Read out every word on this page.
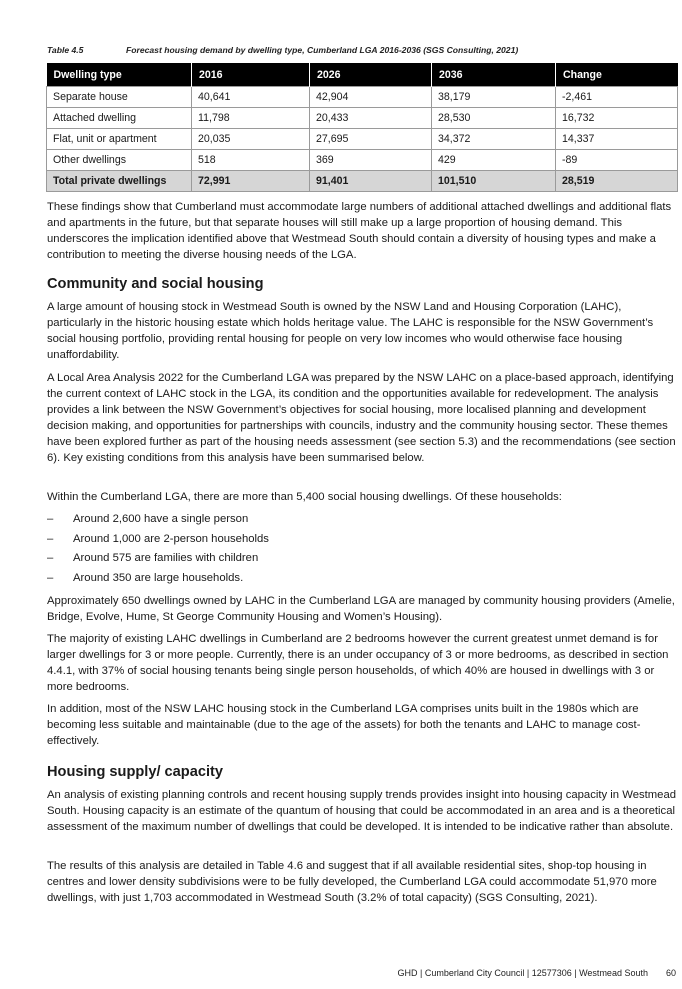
Table 4.5	Forecast housing demand by dwelling type, Cumberland LGA 2016-2036 (SGS Consulting, 2021)
Dwelling type	2016	2026	2036	Change
Separate house	40,641	42,904	38,179	-2,461
Attached dwelling	11,798	20,433	28,530	16,732
Flat, unit or apartment	20,035	27,695	34,372	14,337
Other dwellings	518	369	429	-89
Total private dwellings	72,991	91,401	101,510	28,519

These findings show that Cumberland must accommodate large numbers of additional attached dwellings and additional flats and apartments in the future, but that separate houses will still make up a large proportion of housing demand. This underscores the implication identified above that Westmead South should contain a diversity of housing types and make a contribution to meeting the diverse housing needs of the LGA.

Community and social housing

A large amount of housing stock in Westmead South is owned by the NSW Land and Housing Corporation (LAHC), particularly in the historic housing estate which holds heritage value. The LAHC is responsible for the NSW Government’s social housing portfolio, providing rental housing for people on very low incomes who would otherwise face housing unaffordability.

A Local Area Analysis 2022 for the Cumberland LGA was prepared by the NSW LAHC on a place-based approach, identifying the current context of LAHC stock in the LGA, its condition and the opportunities available for redevelopment. The analysis provides a link between the NSW Government’s objectives for social housing, more localised planning and development decision making, and opportunities for partnerships with councils, industry and the community housing sector. These themes have been explored further as part of the housing needs assessment (see section 5.3) and the recommendations (see section 6). Key existing conditions from this analysis have been summarised below.

Within the Cumberland LGA, there are more than 5,400 social housing dwellings. Of these households:

– Around 2,600 have a single person
– Around 1,000 are 2-person households
– Around 575 are families with children
– Around 350 are large households.

Approximately 650 dwellings owned by LAHC in the Cumberland LGA are managed by community housing providers (Amelie, Bridge, Evolve, Hume, St George Community Housing and Women’s Housing).

The majority of existing LAHC dwellings in Cumberland are 2 bedrooms however the current greatest unmet demand is for larger dwellings for 3 or more people. Currently, there is an under occupancy of 3 or more bedrooms, as described in section 4.4.1, with 37% of social housing tenants being single person households, of which 40% are housed in dwellings with 3 or more bedrooms.

In addition, most of the NSW LAHC housing stock in the Cumberland LGA comprises units built in the 1980s which are becoming less suitable and maintainable (due to the age of the assets) for both the tenants and LAHC to manage cost-effectively.

Housing supply/ capacity

An analysis of existing planning controls and recent housing supply trends provides insight into housing capacity in Westmead South. Housing capacity is an estimate of the quantum of housing that could be accommodated in an area and is a theoretical assessment of the maximum number of dwellings that could be developed. It is intended to be indicative rather than absolute.

The results of this analysis are detailed in Table 4.6 and suggest that if all available residential sites, shop-top housing in centres and lower density subdivisions were to be fully developed, the Cumberland LGA could accommodate 51,970 more dwellings, with just 1,703 accommodated in Westmead South (3.2% of total capacity) (SGS Consulting, 2021).

GHD | Cumberland City Council | 12577306 | Westmead South 60
